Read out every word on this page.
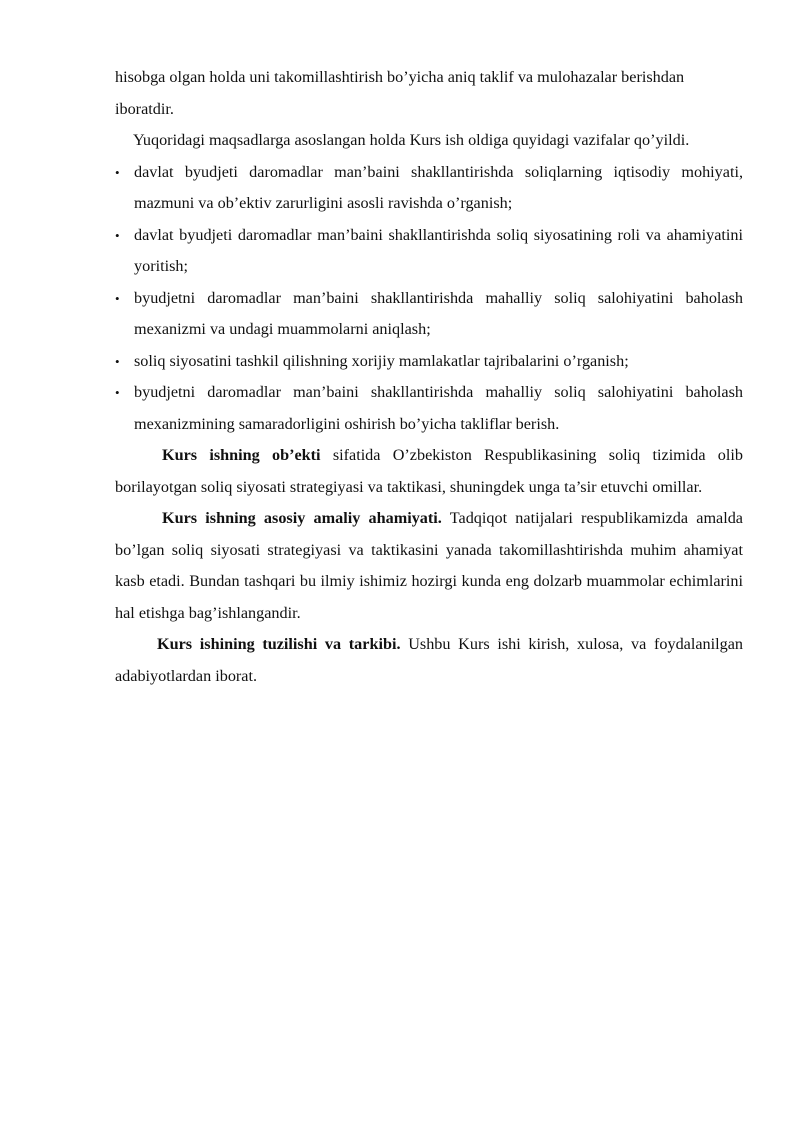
hisobga olgan holda uni takomillashtirish bo’yicha aniq taklif va mulohazalar berishdan iboratdir.

Yuqoridagi maqsadlarga asoslangan holda Kurs ish oldiga quyidagi vazifalar qo’yildi.

• davlat byudjeti daromadlar man’baini shakllantirishda soliqlarning iqtisodiy mohiyati, mazmuni va ob’ektiv zarurligini asosli ravishda o’rganish;
• davlat byudjeti daromadlar man’baini shakllantirishda soliq siyosatining roli va ahamiyatini yoritish;
• byudjetni daromadlar man’baini shakllantirishda mahalliy soliq salohiyatini baholash mexanizmi va undagi muammolarni aniqlash;
• soliq siyosatini tashkil qilishning xorijiy mamlakatlar tajribalarini o’rganish;
• byudjetni daromadlar man’baini shakllantirishda mahalliy soliq salohiyatini baholash mexanizmining samaradorligini oshirish bo’yicha takliflar berish.

Kurs ishning ob’ekti sifatida O’zbekiston Respublikasining soliq tizimida olib borilayotgan soliq siyosati strategiyasi va taktikasi, shuningdek unga ta’sir etuvchi omillar.

Kurs ishning asosiy amaliy ahamiyati. Tadqiqot natijalari respublikamizda amalda bo’lgan soliq siyosati strategiyasi va taktikasini yanada takomillashtirishda muhim ahamiyat kasb etadi. Bundan tashqari bu ilmiy ishimiz hozirgi kunda eng dolzarb muammolar echimlarini hal etishga bag’ishlangandir.

Kurs ishining tuzilishi va tarkibi. Ushbu Kurs ishi kirish, xulosa, va foydalanilgan adabiyotlardan iborat.
